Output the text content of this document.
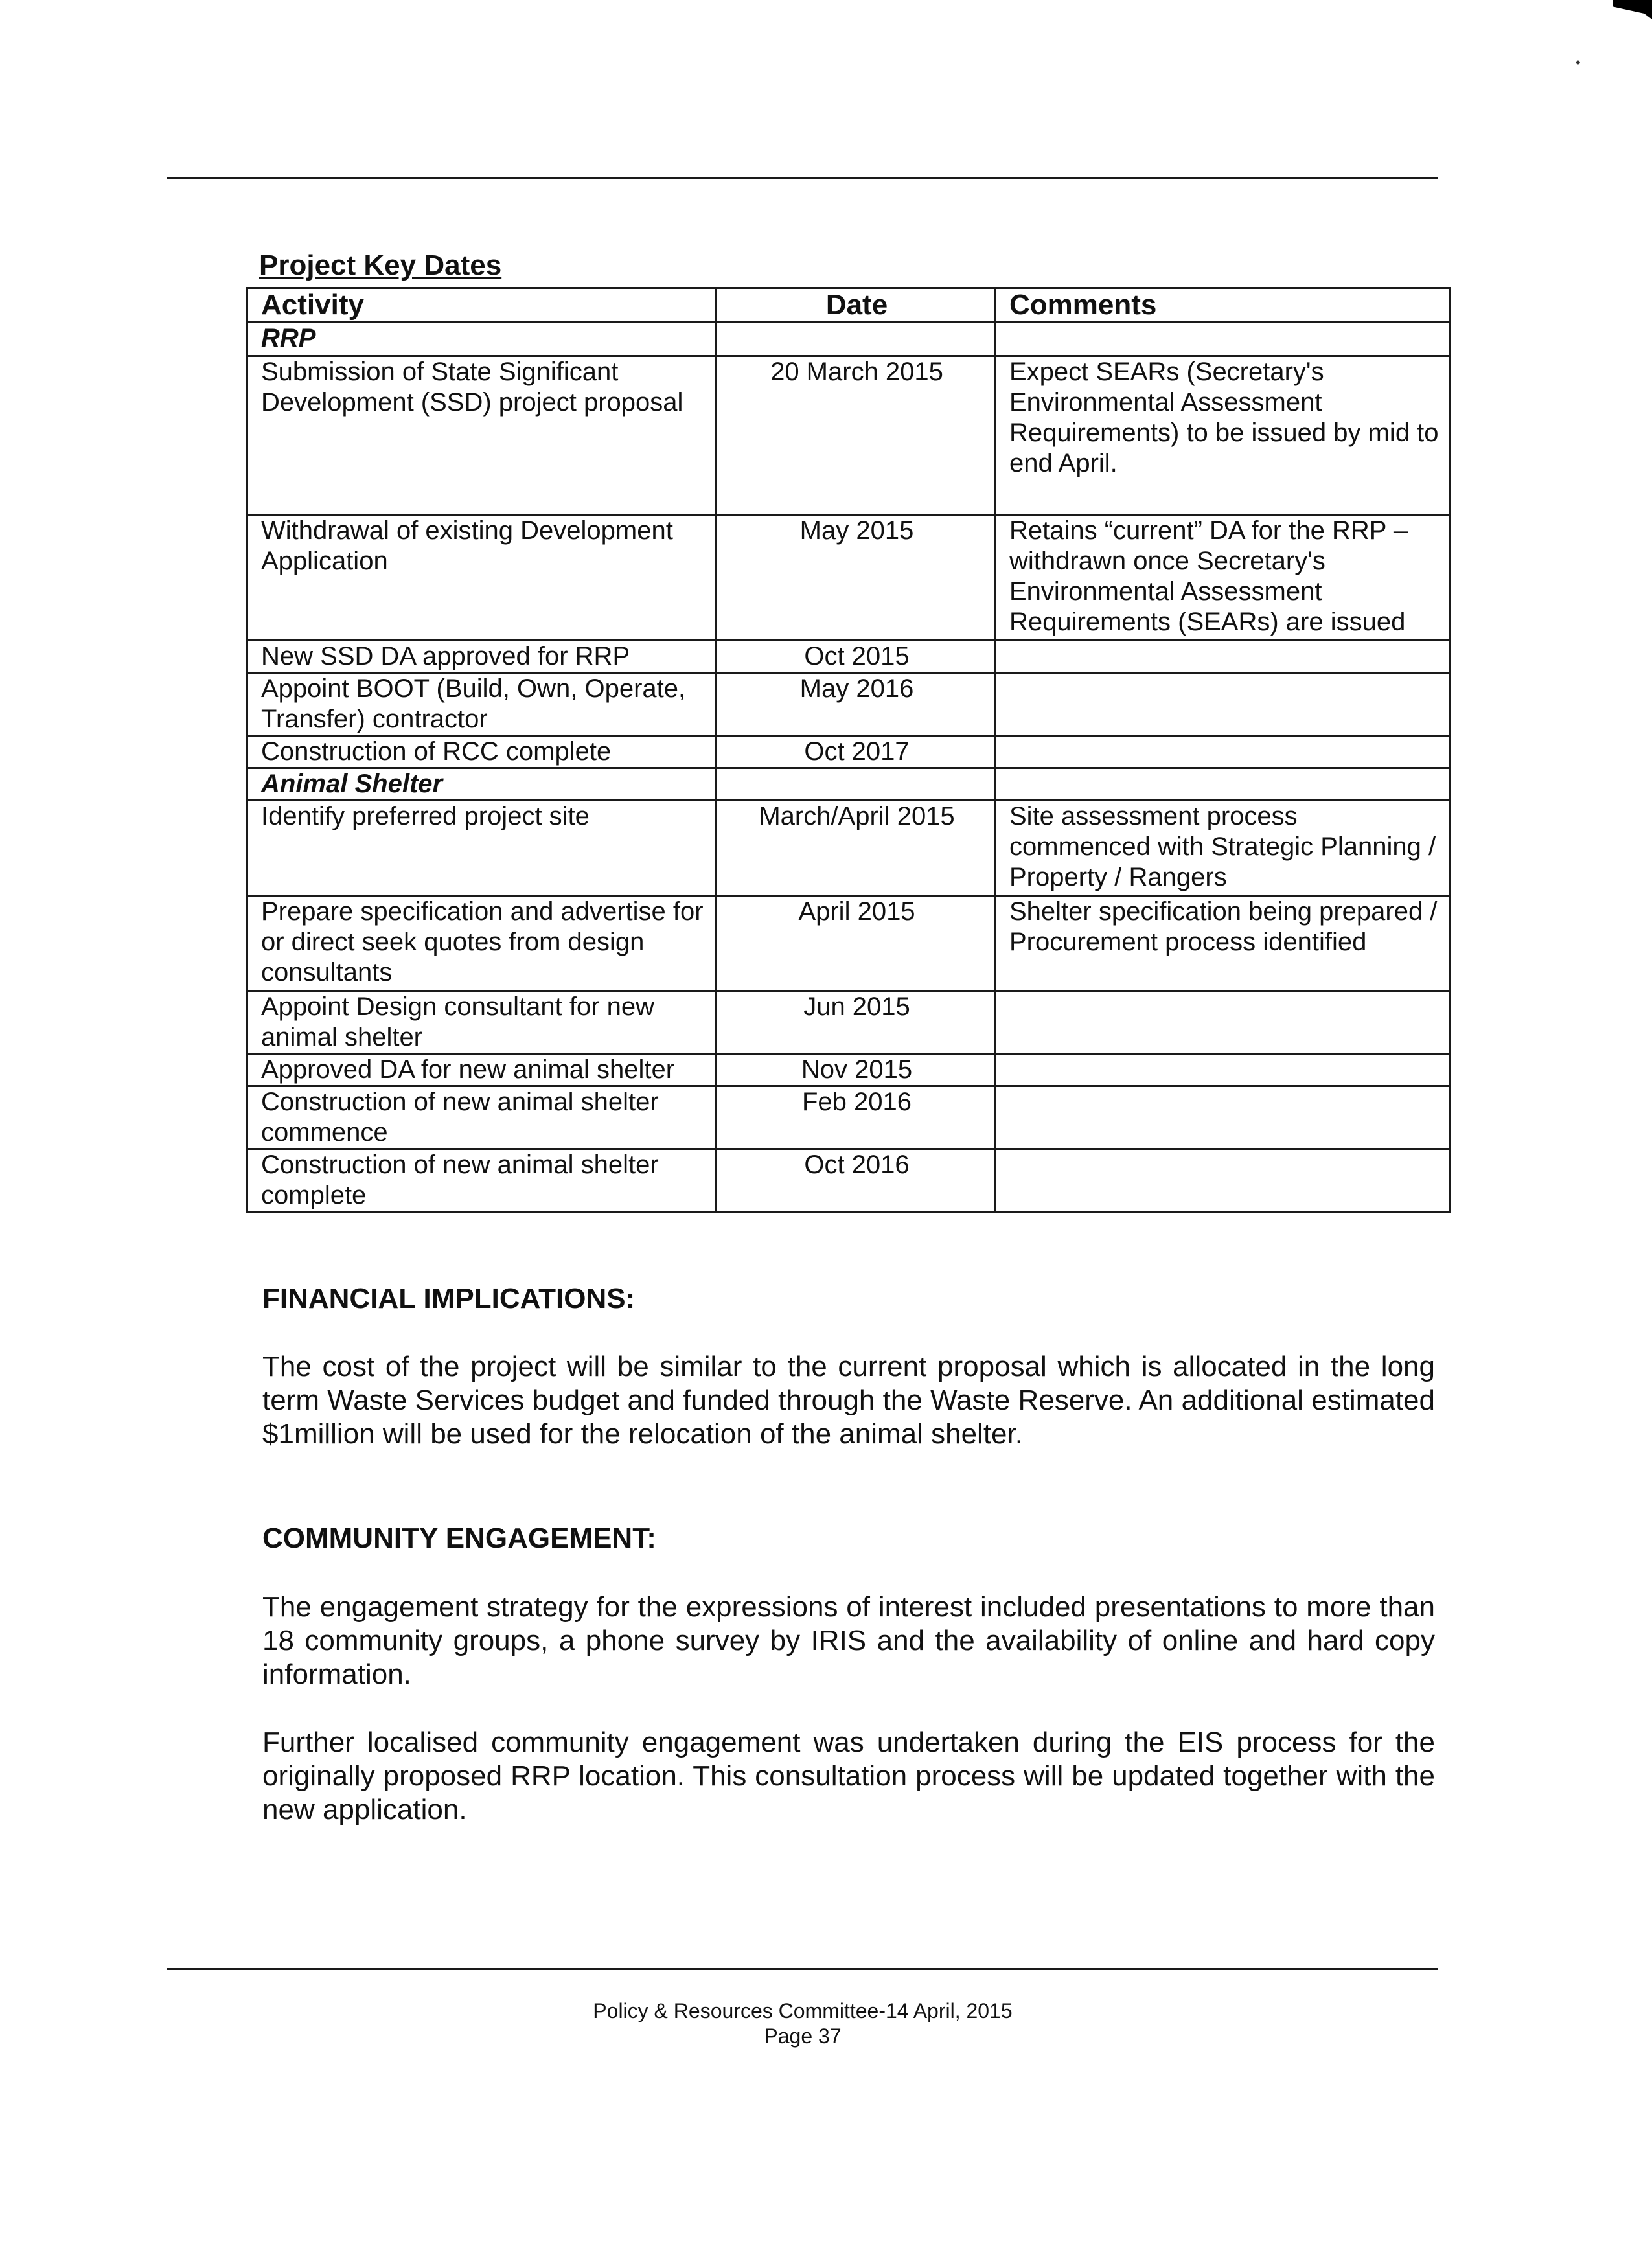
•
Project Key Dates
Activity	Date	Comments
RRP		
Submission of State Significant Development (SSD) project proposal	20 March 2015	Expect SEARs (Secretary's Environmental Assessment Requirements) to be issued by mid to end April.
Withdrawal of existing Development Application	May 2015	Retains “current” DA for the RRP – withdrawn once Secretary's Environmental Assessment Requirements (SEARs) are issued
New SSD DA approved for RRP	Oct 2015	
Appoint BOOT (Build, Own, Operate, Transfer) contractor	May 2016	
Construction of RCC complete	Oct 2017	
Animal Shelter		
Identify preferred project site	March/April 2015	Site assessment process commenced with Strategic Planning / Property / Rangers
Prepare specification and advertise for or direct seek quotes from design consultants	April 2015	Shelter specification being prepared / Procurement process identified
Appoint Design consultant for new animal shelter	Jun 2015	
Approved DA for new animal shelter	Nov 2015	
Construction of new animal shelter commence	Feb 2016	
Construction of new animal shelter complete	Oct 2016	
FINANCIAL IMPLICATIONS:

The cost of the project will be similar to the current proposal which is allocated in the long term Waste Services budget and funded through the Waste Reserve. An additional estimated $1million will be used for the relocation of the animal shelter.

COMMUNITY ENGAGEMENT:

The engagement strategy for the expressions of interest included presentations to more than 18 community groups, a phone survey by IRIS and the availability of online and hard copy information.

Further localised community engagement was undertaken during the EIS process for the originally proposed RRP location. This consultation process will be updated together with the new application.

Policy & Resources Committee-14 April, 2015
Page 37
